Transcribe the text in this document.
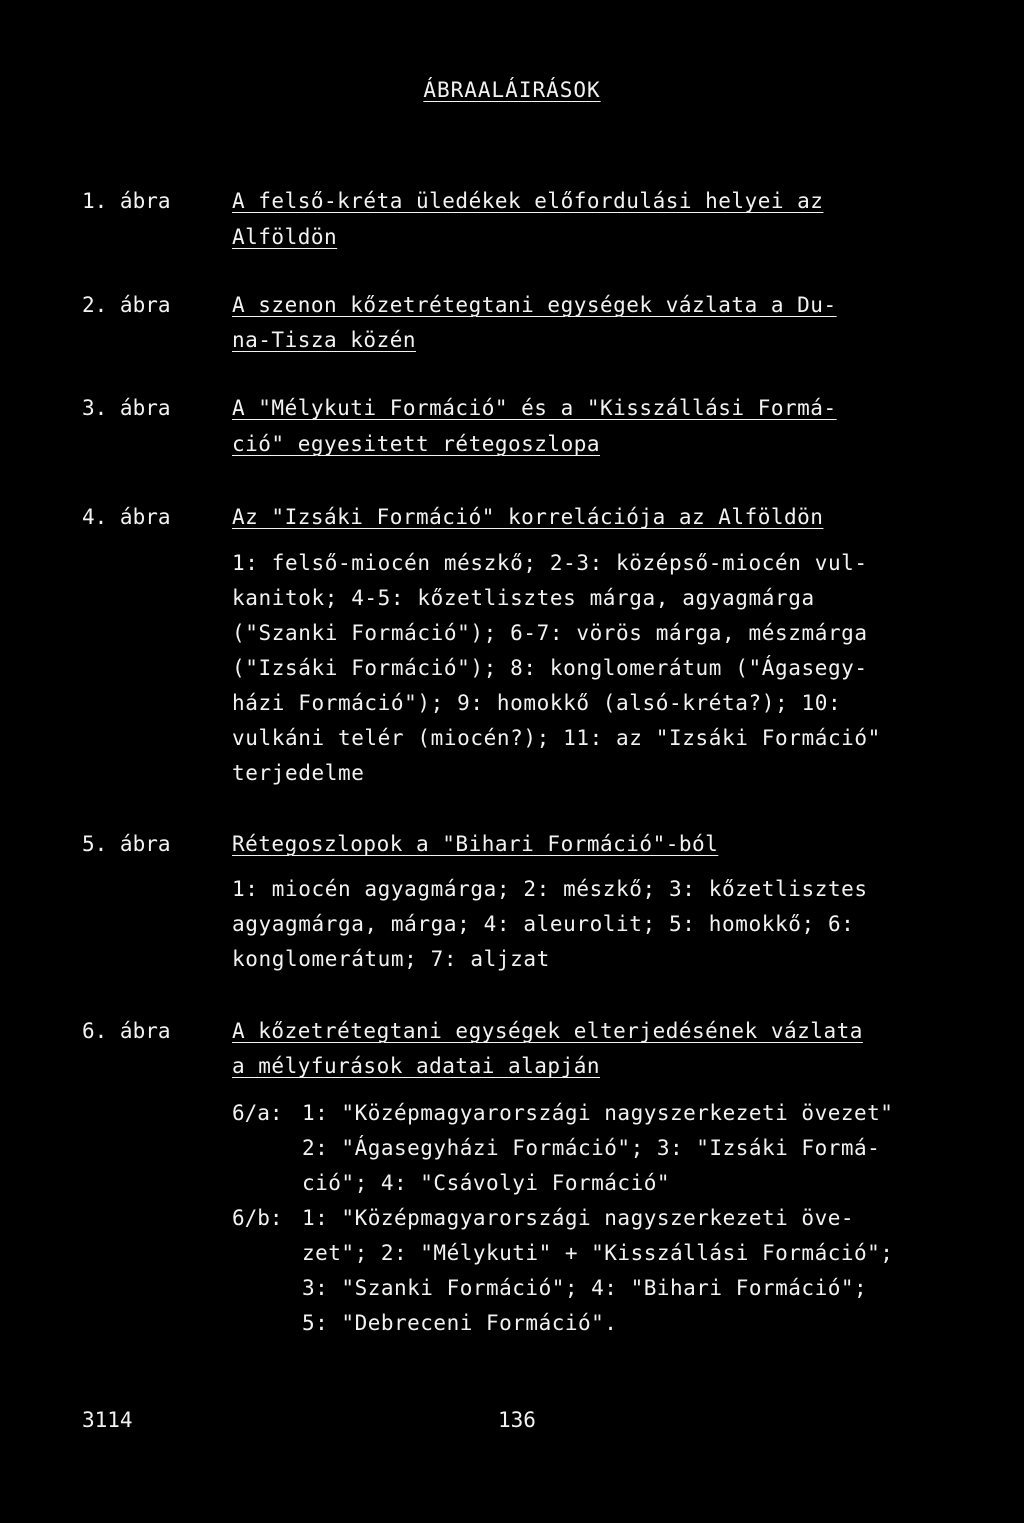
ÁBRAALÁIRÁSOK
1. ábra	A felső-kréta üledékek előfordulási helyei az
Alföldön
2. ábra	A szenon kőzetrétegtani egységek vázlata a Du-
na-Tisza közén
3. ábra	A "Mélykuti Formáció" és a "Kisszállási Formá-
ció" egyesitett rétegoszlopa
4. ábra	Az "Izsáki Formáció" korrelációja az Alföldön
1: felső-miocén mészkő; 2-3: középső-miocén vul-
kanitok; 4-5: kőzetlisztes márga, agyagmárga
("Szanki Formáció"); 6-7: vörös márga, mészmárga
("Izsáki Formáció"); 8: konglomerátum ("Ágasegy-
házi Formáció"); 9: homokkő (alsó-kréta?); 10:
vulkáni telér (miocén?); 11: az "Izsáki Formáció"
terjedelme
5. ábra	Rétegoszlopok a "Bihari Formáció"-ból
1: miocén agyagmárga; 2: mészkő; 3: kőzetlisztes
agyagmárga, márga; 4: aleurolit; 5: homokkő; 6:
konglomerátum; 7: aljzat
6. ábra	A kőzetrétegtani egységek elterjedésének vázlata
a mélyfurások adatai alapján
6/a: 1: "Középmagyarországi nagyszerkezeti övezet"
2: "Ágasegyházi Formáció"; 3: "Izsáki Formá-
ció"; 4: "Csávolyi Formáció"
6/b: 1: "Középmagyarországi nagyszerkezeti öve-
zet"; 2: "Mélykuti" + "Kisszállási Formáció";
3: "Szanki Formáció"; 4: "Bihari Formáció";
5: "Debreceni Formáció".
3114	136
